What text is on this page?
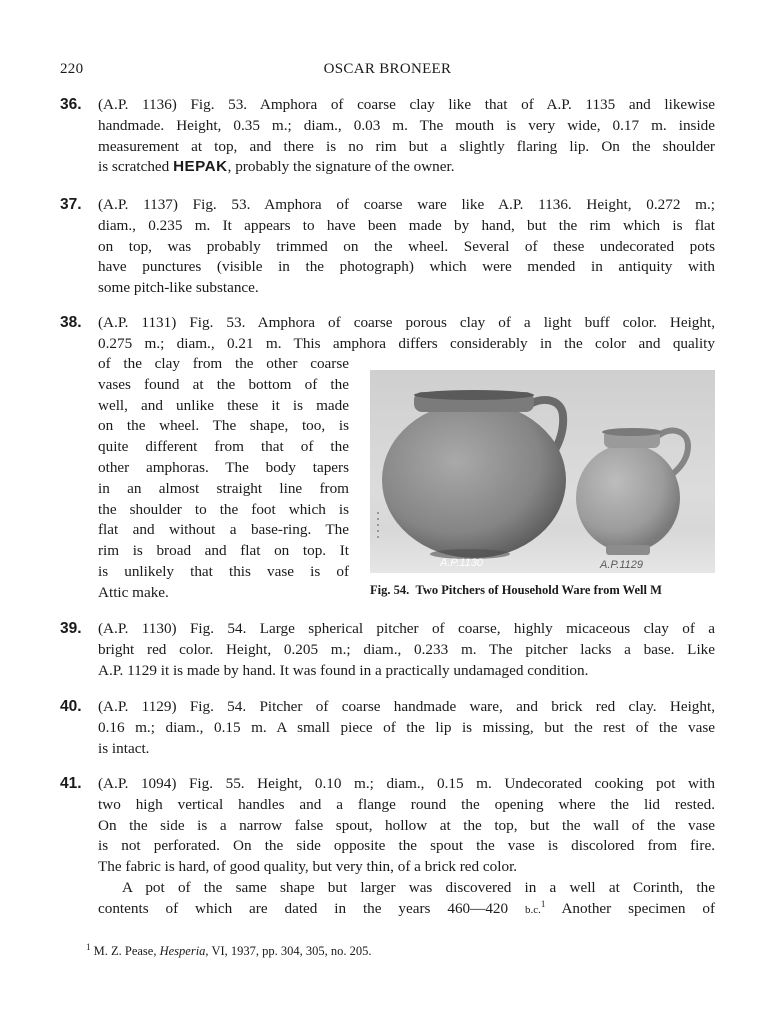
220	OSCAR BRONEER
36. (A.P. 1136) Fig. 53. Amphora of coarse clay like that of A.P. 1135 and likewise
handmade. Height, 0.35 m.; diam., 0.03 m. The mouth is very wide, 0.17 m. inside
measurement at top, and there is no rim but a slightly flaring lip. On the shoulder
is scratched HΕΡΑΚ, probably the signature of the owner.
37. (A.P. 1137) Fig. 53. Amphora of coarse ware like A.P. 1136. Height, 0.272 m.;
diam., 0.235 m. It appears to have been made by hand, but the rim which is flat
on top, was probably trimmed on the wheel. Several of these undecorated pots
have punctures (visible in the photograph) which were mended in antiquity with
some pitch-like substance.
38. (A.P. 1131) Fig. 53. Amphora of coarse porous clay of a light buff color. Height,
0.275 m.; diam., 0.21 m. This amphora differs considerably in the color and quality
of the clay from the other coarse
vases found at the bottom of the
well, and unlike these it is made
on the wheel. The shape, too, is
quite different from that of the
other amphoras. The body tapers
in an almost straight line from
the shoulder to the foot which is
flat and without a base-ring. The
rim is broad and flat on top. It
is unlikely that this vase is of
Attic make.
A.P.1130	A.P.1129
Fig. 54. Two Pitchers of Household Ware from Well M
39. (A.P. 1130) Fig. 54. Large spherical pitcher of coarse, highly micaceous clay of a
bright red color. Height, 0.205 m.; diam., 0.233 m. The pitcher lacks a base. Like
A.P. 1129 it is made by hand. It was found in a practically undamaged condition.
40. (A.P. 1129) Fig. 54. Pitcher of coarse handmade ware, and brick red clay. Height,
0.16 m.; diam., 0.15 m. A small piece of the lip is missing, but the rest of the vase
is intact.
41. (A.P. 1094) Fig. 55. Height, 0.10 m.; diam., 0.15 m. Undecorated cooking pot with
two high vertical handles and a flange round the opening where the lid rested.
On the side is a narrow false spout, hollow at the top, but the wall of the vase
is not perforated. On the side opposite the spout the vase is discolored from fire.
The fabric is hard, of good quality, but very thin, of a brick red color.
A pot of the same shape but larger was discovered in a well at Corinth, the
contents of which are dated in the years 460—420 b.c.$^1$ Another specimen of
$^1$ M. Z. Pease, Hesperia, VI, 1937, pp. 304, 305, no. 205.
